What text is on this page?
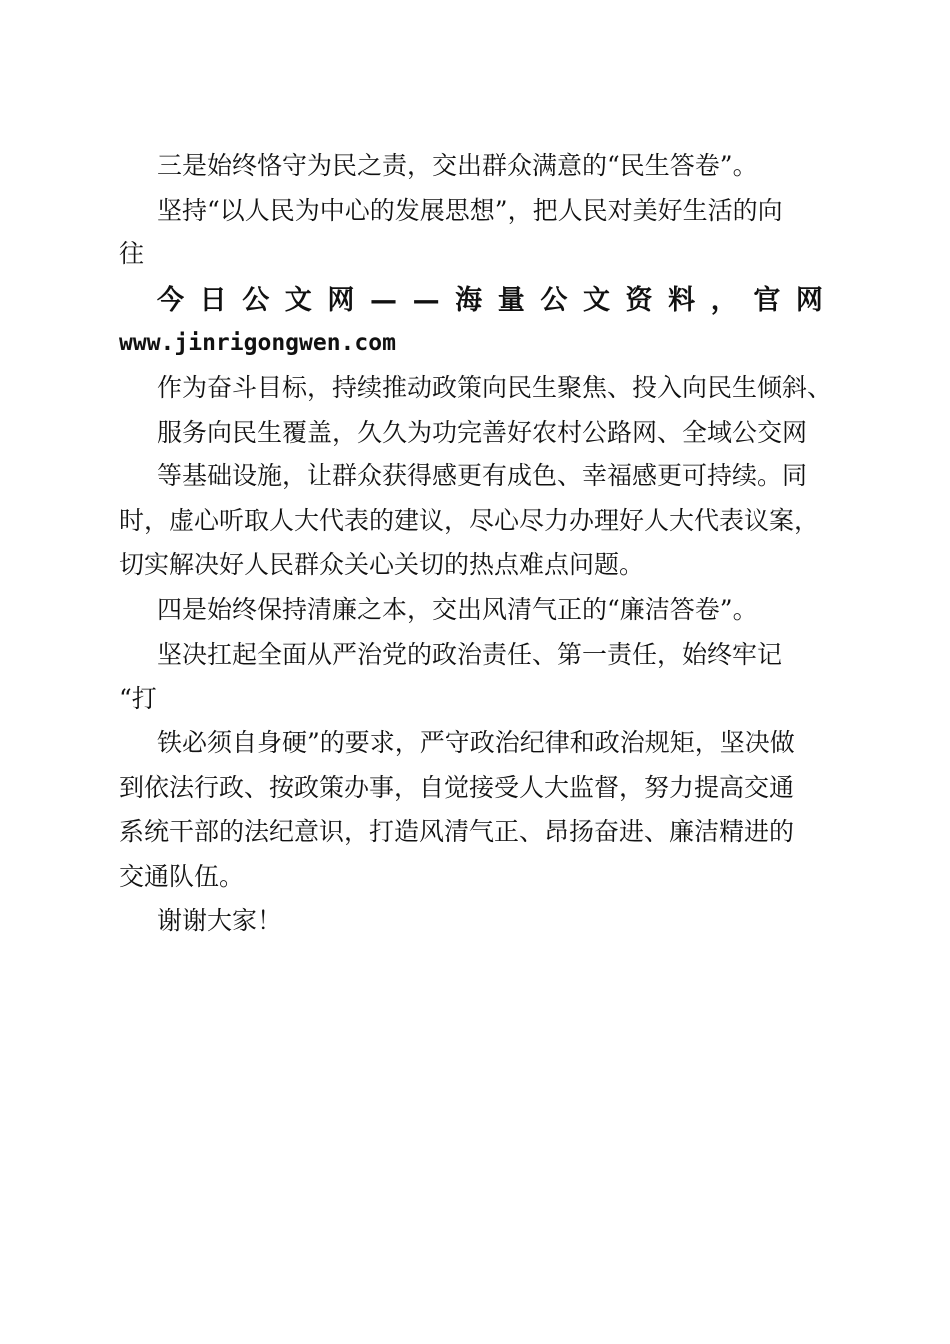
三是始终恪守为民之责，交出群众满意的“民生答卷”。
坚持“以人民为中心的发展思想”，把人民对美好生活的向
往
今 日 公 文 网 — — 海 量 公 文 资 料 ， 官 网
www.jinrigongwen.com
作为奋斗目标，持续推动政策向民生聚焦、投入向民生倾斜、
服务向民生覆盖，久久为功完善好农村公路网、全域公交网
等基础设施，让群众获得感更有成色、幸福感更可持续。同
时，虚心听取人大代表的建议，尽心尽力办理好人大代表议案，
切实解决好人民群众关心关切的热点难点问题。
四是始终保持清廉之本，交出风清气正的“廉洁答卷”。
坚决扛起全面从严治党的政治责任、第一责任，始终牢记
“打
铁必须自身硬”的要求，严守政治纪律和政治规矩，坚决做
到依法行政、按政策办事，自觉接受人大监督，努力提高交通
系统干部的法纪意识，打造风清气正、昂扬奋进、廉洁精进的
交通队伍。
谢谢大家！
